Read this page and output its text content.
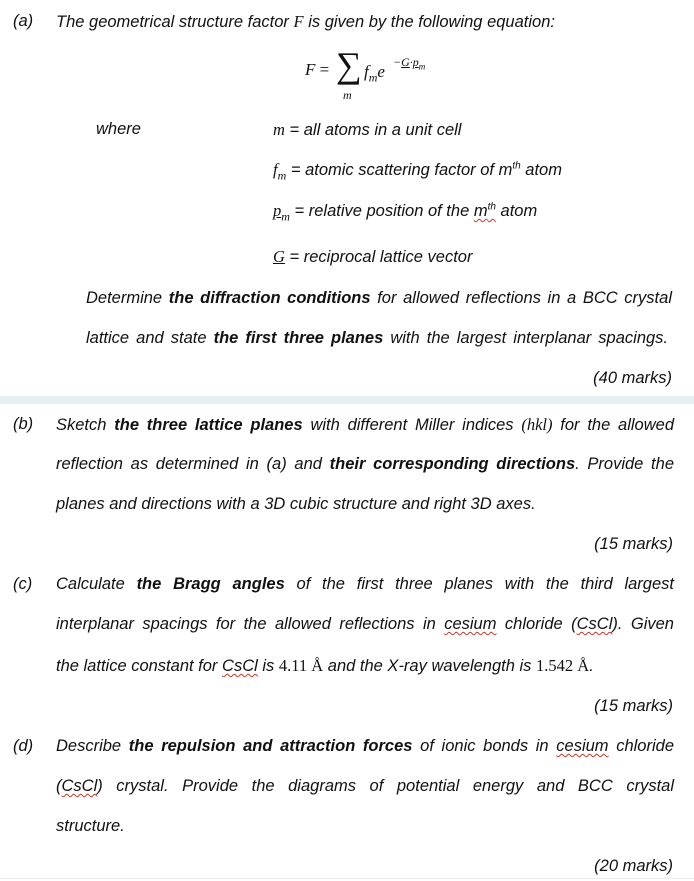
(a) The geometrical structure factor F is given by the following equation:
F = ∑
m
$f_me -G\cdot p_m$
where	m = all atoms in a unit cell
$f_m$ = atomic scattering factor of $m^{th}$ atom
$p_m$ = relative position of the $m^{th}$ atom
G = reciprocal lattice vector
Determine the diffraction conditions for allowed reflections in a BCC crystal
lattice and state the first three planes with the largest interplanar spacings.
(40 marks)
(b) Sketch the three lattice planes with different Miller indices (hkl) for the allowed
reflection as determined in (a) and their corresponding directions. Provide the
planes and directions with a 3D cubic structure and right 3D axes.
(15 marks)
(c) Calculate the Bragg angles of the first three planes with the third largest
interplanar spacings for the allowed reflections in cesium chloride (CsCl). Given
the lattice constant for CsCl is 4.11 Å and the X-ray wavelength is 1.542 Å.
(15 marks)
(d) Describe the repulsion and attraction forces of ionic bonds in cesium chloride
(CsCl) crystal. Provide the diagrams of potential energy and BCC crystal
structure.
(20 marks)
